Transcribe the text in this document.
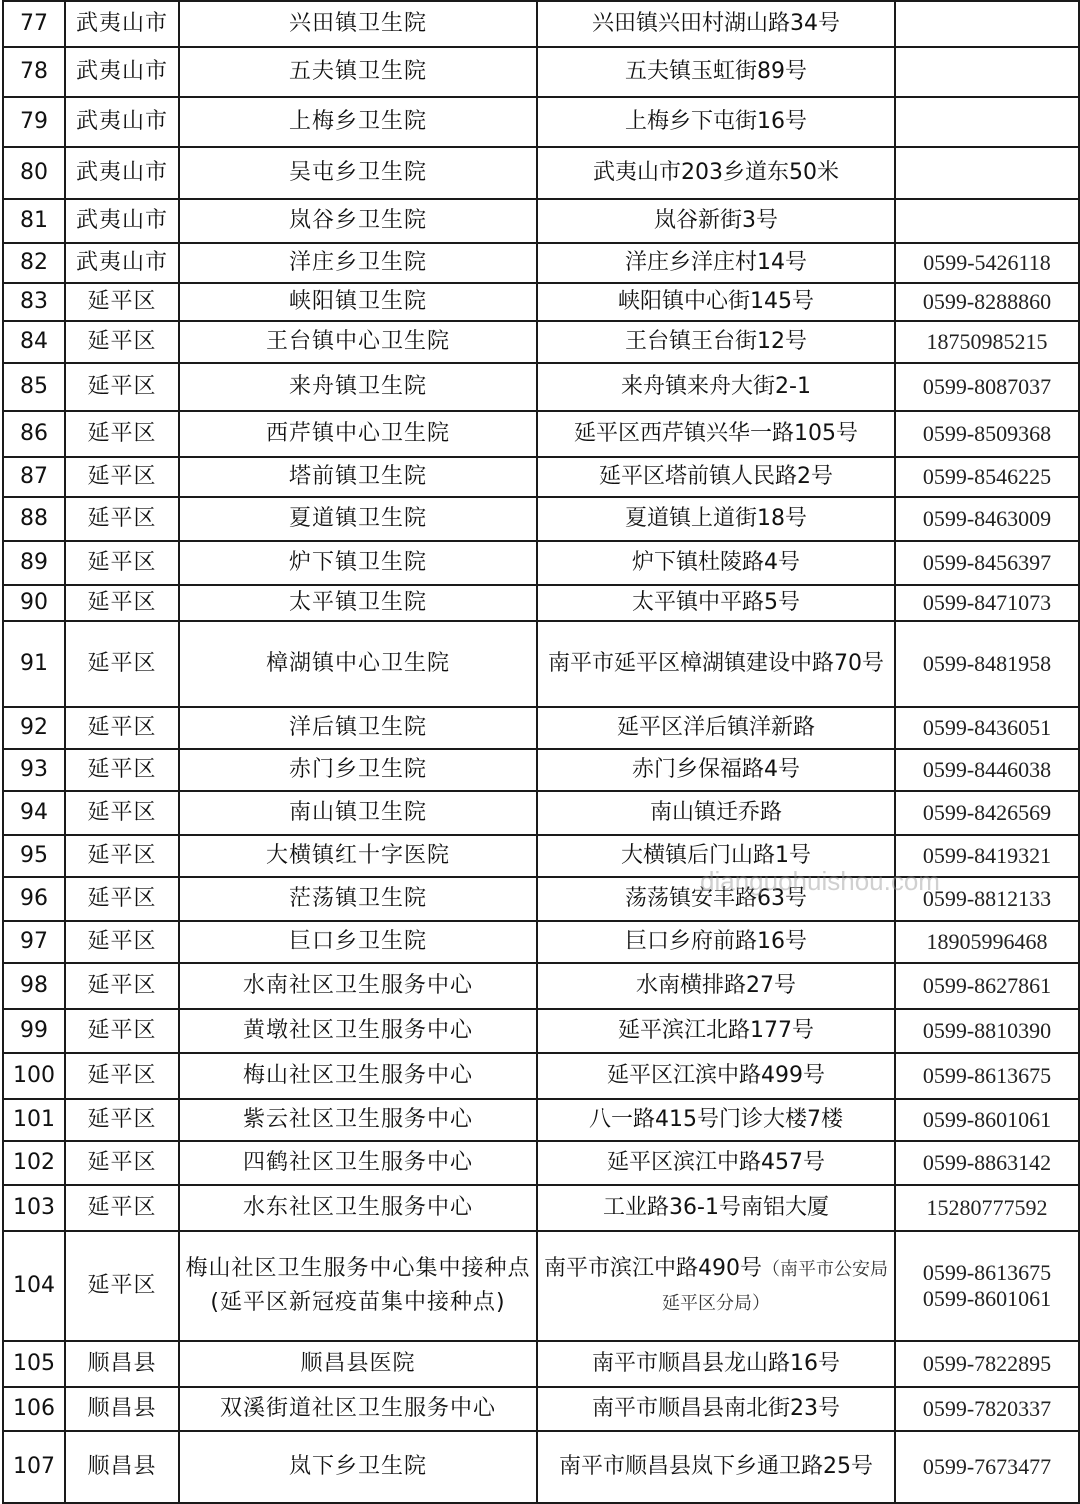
77	武夷山市	兴田镇卫生院	兴田镇兴田村湖山路34号	
78	武夷山市	五夫镇卫生院	五夫镇玉虹街89号	
79	武夷山市	上梅乡卫生院	上梅乡下屯街16号	
80	武夷山市	吴屯乡卫生院	武夷山市203乡道东50米	
81	武夷山市	岚谷乡卫生院	岚谷新街3号	
82	武夷山市	洋庄乡卫生院	洋庄乡洋庄村14号	0599-5426118
83	延平区	峡阳镇卫生院	峡阳镇中心街145号	0599-8288860
84	延平区	王台镇中心卫生院	王台镇王台街12号	18750985215
85	延平区	来舟镇卫生院	来舟镇来舟大街2-1	0599-8087037
86	延平区	西芹镇中心卫生院	延平区西芹镇兴华一路105号	0599-8509368
87	延平区	塔前镇卫生院	延平区塔前镇人民路2号	0599-8546225
88	延平区	夏道镇卫生院	夏道镇上道街18号	0599-8463009
89	延平区	炉下镇卫生院	炉下镇杜陵路4号	0599-8456397
90	延平区	太平镇卫生院	太平镇中平路5号	0599-8471073
91	延平区	樟湖镇中心卫生院	南平市延平区樟湖镇建设中路70号	0599-8481958
92	延平区	洋后镇卫生院	延平区洋后镇洋新路	0599-8436051
93	延平区	赤门乡卫生院	赤门乡保福路4号	0599-8446038
94	延平区	南山镇卫生院	南山镇迁乔路	0599-8426569
95	延平区	大横镇红十字医院	大横镇后门山路1号	0599-8419321
96	延平区	茫荡镇卫生院	荡荡镇安丰路63号	0599-8812133
97	延平区	巨口乡卫生院	巨口乡府前路16号	18905996468
98	延平区	水南社区卫生服务中心	水南横排路27号	0599-8627861
99	延平区	黄墩社区卫生服务中心	延平滨江北路177号	0599-8810390
100	延平区	梅山社区卫生服务中心	延平区江滨中路499号	0599-8613675
101	延平区	紫云社区卫生服务中心	八一路415号门诊大楼7楼	0599-8601061
102	延平区	四鹤社区卫生服务中心	延平区滨江中路457号	0599-8863142
103	延平区	水东社区卫生服务中心	工业路36-1号南铝大厦	15280777592
104	延平区	梅山社区卫生服务中心集中接种点(延平区新冠疫苗集中接种点)	南平市滨江中路490号（南平市公安局延平区分局）	0599-8613675
0599-8601061

105	顺昌县	顺昌县医院	南平市顺昌县龙山路16号	0599-7822895
106	顺昌县	双溪街道社区卫生服务中心	南平市顺昌县南北街23号	0599-7820337
107	顺昌县	岚下乡卫生院	南平市顺昌县岚下乡通卫路25号	0599-7673477
dianguohuishou.com
